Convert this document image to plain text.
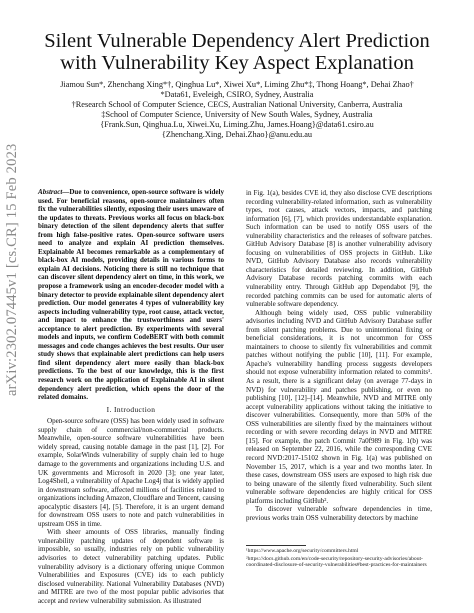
arXiv:2302.07445v1 [cs.CR] 15 Feb 2023
Silent Vulnerable Dependency Alert Prediction with Vulnerability Key Aspect Explanation
Jiamou Sun*, Zhenchang Xing*†, Qinghua Lu*, Xiwei Xu*, Liming Zhu*‡, Thong Hoang*, Dehai Zhao†
*Data61, Eveleigh, CSIRO, Sydney, Australia
†Research School of Computer Science, CECS, Australian National University, Canberra, Australia
‡School of Computer Science, University of New South Wales, Sydney, Australia
{Frank.Sun, Qinghua.Lu, Xiwei.Xu, Liming.Zhu, James.Hoang}@data61.csiro.au
{Zhenchang.Xing, Dehai.Zhao}@anu.edu.au
Abstract—Due to convenience, open-source software is widely used. For beneficial reasons, open-source maintainers often fix the vulnerabilities silently, exposing their users unaware of the updates to threats. Previous works all focus on black-box binary detection of the silent dependency alerts that suffer from high false-positive rates. Open-source software users need to analyze and explain AI prediction themselves. Explainable AI becomes remarkable as a complementary of black-box AI models, providing details in various forms to explain AI decisions. Noticing there is still no technique that can discover silent dependency alert on time, in this work, we propose a framework using an encoder-decoder model with a binary detector to provide explainable silent dependency alert prediction. Our model generates 4 types of vulnerability key aspects including vulnerability type, root cause, attack vector, and impact to enhance the trustworthiness and users' acceptance to alert prediction. By experiments with several models and inputs, we confirm CodeBERT with both commit messages and code changes achieves the best results. Our user study shows that explainable alert predictions can help users find silent dependency alert more easily than black-box predictions. To the best of our knowledge, this is the first research work on the application of Explainable AI in silent dependency alert prediction, which opens the door of the related domains.
I. Introduction

Open-source software (OSS) has been widely used in software supply chain of commercial/non-commercial products. Meanwhile, open-source software vulnerabilities have been widely spread, causing notable damage in the past [1], [2]. For example, SolarWinds vulnerability of supply chain led to huge damage to the governments and organizations including U.S. and UK governments and Microsoft in 2020 [3]; one year later, Log4Shell, a vulnerability of Apache Log4j that is widely applied in downstream software, affected millions of facilities related to organizations including Amazon, Cloudflare and Tencent, causing apocalyptic disasters [4], [5]. Therefore, it is an urgent demand for downstream OSS users to note and patch vulnerabilities in upstream OSS in time.

With sheer amounts of OSS libraries, manually finding vulnerability patching updates of dependent software is impossible, so usually, industries rely on public vulnerability advisories to detect vulnerability patching updates. Public vulnerability advisory is a dictionary offering unique Common Vulnerabilities and Exposures (CVE) ids to each publicly disclosed vulnerability. National Vulnerability Databases (NVD) and MITRE are two of the most popular public advisories that accept and review vulnerability submission. As illustrated

in Fig. 1(a), besides CVE id, they also disclose CVE descriptions recording vulnerability-related information, such as vulnerability types, root causes, attack vectors, impacts, and patching information [6], [7], which provides understandable explanation. Such information can be used to notify OSS users of the vulnerability characteristics and the releases of software patches. GitHub Advisory Database [8] is another vulnerability advisory focusing on vulnerabilities of OSS projects in GitHub. Like NVD, GitHub Advisory Database also records vulnerability characteristics for detailed reviewing. In addition, GitHub Advisory Database records patching commits with each vulnerability entry. Through GitHub app Dependabot [9], the recorded patching commits can be used for automatic alerts of vulnerable software dependency.

Although being widely used, OSS public vulnerability advisories including NVD and GitHub Advisory Database suffer from silent patching problems. Due to unintentional fixing or beneficial considerations, it is not uncommon for OSS maintainers to choose to silently fix vulnerabilities and commit patches without notifying the public [10], [11]. For example, Apache's vulnerability handling process suggests developers should not expose vulnerability information related to commits¹. As a result, there is a significant delay (on average 77-days in NVD) for vulnerability and patches publishing, or even no publishing [10], [12]–[14]. Meanwhile, NVD and MITRE only accept vulnerability applications without taking the initiative to discover vulnerabilities. Consequently, more than 50% of the OSS vulnerabilities are silently fixed by the maintainers without recording or with severe recording delays in NVD and MITRE [15]. For example, the patch Commit 7a0f989 in Fig. 1(b) was released on September 22, 2016, while the corresponding CVE record NVD:2017-15102 shown in Fig. 1(a) was published on November 15, 2017, which is a year and two months later. In these cases, downstream OSS users are exposed to high risk due to being unaware of the silently fixed vulnerability. Such silent vulnerable software dependencies are highly critical for OSS platforms including GitHub².

To discover vulnerable software dependencies in time, previous works train OSS vulnerability detectors by machine

¹https://www.apache.org/security/committers.html
²https://docs.github.com/en/code-security/repository-security-advisories/about-coordinated-disclosure-of-security-vulnerabilities#best-practices-for-maintainers
